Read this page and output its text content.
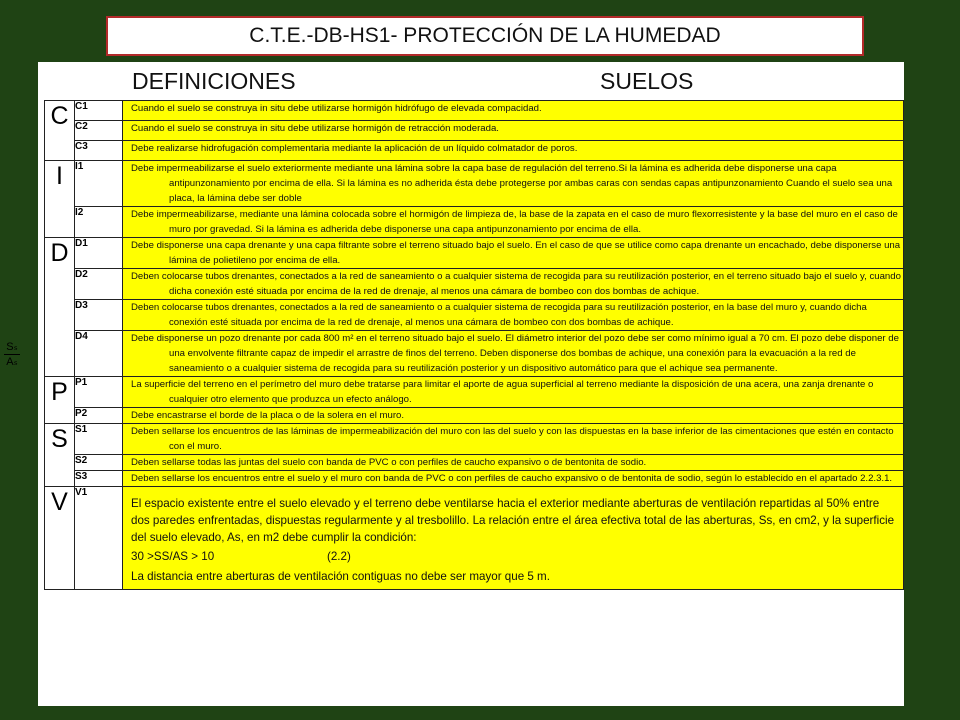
C.T.E.-DB-HS1- PROTECCIÓN DE LA HUMEDAD
$\frac{\text{Sₛ}}{\text{Aₛ}}$
DEFINICIONES	SUELOS
C	C1	Cuando el suelo se construya in situ debe utilizarse hormigón hidrófugo de elevada compacidad.

	C2	Cuando el suelo se construya in situ debe utilizarse hormigón de retracción moderada.

	C3	Debe realizarse hidrofugación complementaria mediante la aplicación de un líquido colmatador de poros.

I	I1	Debe impermeabilizarse el suelo exteriormente mediante una lámina sobre la capa base de regulación del terreno.Si la lámina es adherida debe disponerse una capa antipunzonamiento por encima de ella. Si la lámina es no adherida ésta debe protegerse por ambas caras con sendas capas antipunzonamiento Cuando el suelo sea una placa, la lámina debe ser doble

	I2	Debe impermeabilizarse, mediante una lámina colocada sobre el hormigón de limpieza de, la base de la zapata en el caso de muro flexorresistente y la base del muro en el caso de muro por gravedad. Si la lámina es adherida debe disponerse una capa antipunzonamiento por encima de ella.

D	D1	Debe disponerse una capa drenante y una capa filtrante sobre el terreno situado bajo el suelo. En el caso de que se utilice como capa drenante un encachado, debe disponerse una lámina de polietileno por encima de ella.

	D2	Deben colocarse tubos drenantes, conectados a la red de saneamiento o a cualquier sistema de recogida para su reutilización posterior, en el terreno situado bajo el suelo y, cuando dicha conexión esté situada por encima de la red de drenaje, al menos una cámara de bombeo con dos bombas de achique.

	D3	Deben colocarse tubos drenantes, conectados a la red de saneamiento o a cualquier sistema de recogida para su reutilización posterior, en la base del muro y, cuando dicha conexión esté situada por encima de la red de drenaje, al menos una cámara de bombeo con dos bombas de achique.

	D4	Debe disponerse un pozo drenante por cada 800 m² en el terreno situado bajo el suelo. El diámetro interior del pozo debe ser como mínimo igual a 70 cm. El pozo debe disponer de una envolvente filtrante capaz de impedir el arrastre de finos del terreno. Deben disponerse dos bombas de achique, una conexión para la evacuación a la red de saneamiento o a cualquier sistema de recogida para su reutilización posterior y un dispositivo automático para que el achique sea permanente.

P	P1	La superficie del terreno en el perímetro del muro debe tratarse para limitar el aporte de agua superficial al terreno mediante la disposición de una acera, una zanja drenante o cualquier otro elemento que produzca un efecto análogo.

	P2	Debe encastrarse el borde de la placa o de la solera en el muro.

S	S1	Deben sellarse los encuentros de las láminas de impermeabilización del muro con las del suelo y con las dispuestas en la base inferior de las cimentaciones que estén en contacto con el muro.

	S2	Deben sellarse todas las juntas del suelo con banda de PVC o con perfiles de caucho expansivo o de bentonita de sodio.

	S3	Deben sellarse los encuentros entre el suelo y el muro con banda de PVC o con perfiles de caucho expansivo o de bentonita de sodio, según lo establecido en el apartado 2.2.3.1.

V	V1	El espacio existente entre el suelo elevado y el terreno debe ventilarse hacia el exterior mediante aberturas de ventilación repartidas al 50% entre dos paredes enfrentadas, dispuestas regularmente y al tresbolillo. La relación entre el área efectiva total de las aberturas, Ss, en cm2, y la superficie del suelo elevado, As, en m2 debe cumplir la condición:
30 >SS/AS > 10 (2.2)
La distancia entre aberturas de ventilación contiguas no debe ser mayor que 5 m.
